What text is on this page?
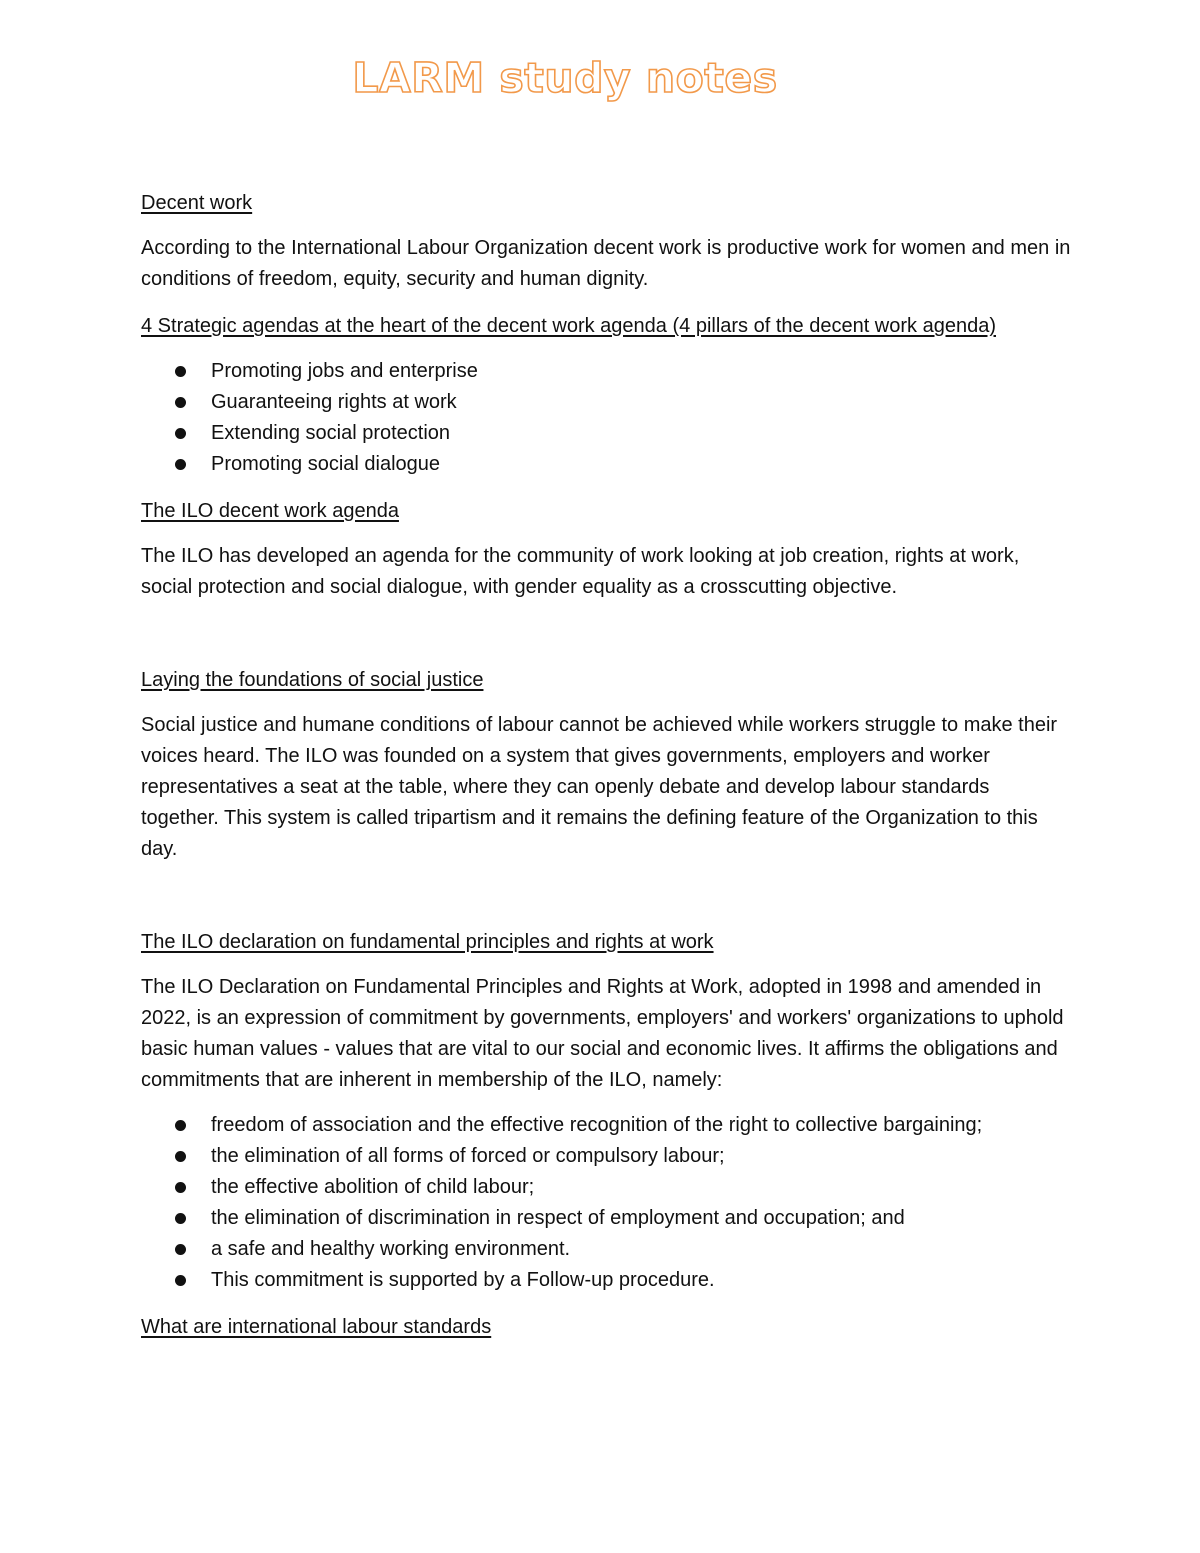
LARM study notes

Decent work

According to the International Labour Organization decent work is productive work for women and men in conditions of freedom, equity, security and human dignity.

4 Strategic agendas at the heart of the decent work agenda (4 pillars of the decent work agenda)

Promoting jobs and enterprise
Guaranteeing rights at work
Extending social protection
Promoting social dialogue

The ILO decent work agenda

The ILO has developed an agenda for the community of work looking at job creation, rights at work, social protection and social dialogue, with gender equality as a crosscutting objective.

Laying the foundations of social justice

Social justice and humane conditions of labour cannot be achieved while workers struggle to make their voices heard. The ILO was founded on a system that gives governments, employers and worker representatives a seat at the table, where they can openly debate and develop labour standards together. This system is called tripartism and it remains the defining feature of the Organization to this day.

The ILO declaration on fundamental principles and rights at work

The ILO Declaration on Fundamental Principles and Rights at Work, adopted in 1998 and amended in 2022, is an expression of commitment by governments, employers' and workers' organizations to uphold basic human values - values that are vital to our social and economic lives. It affirms the obligations and commitments that are inherent in membership of the ILO, namely:

freedom of association and the effective recognition of the right to collective bargaining;
the elimination of all forms of forced or compulsory labour;
the effective abolition of child labour;
the elimination of discrimination in respect of employment and occupation; and
a safe and healthy working environment.
This commitment is supported by a Follow-up procedure.

What are international labour standards
